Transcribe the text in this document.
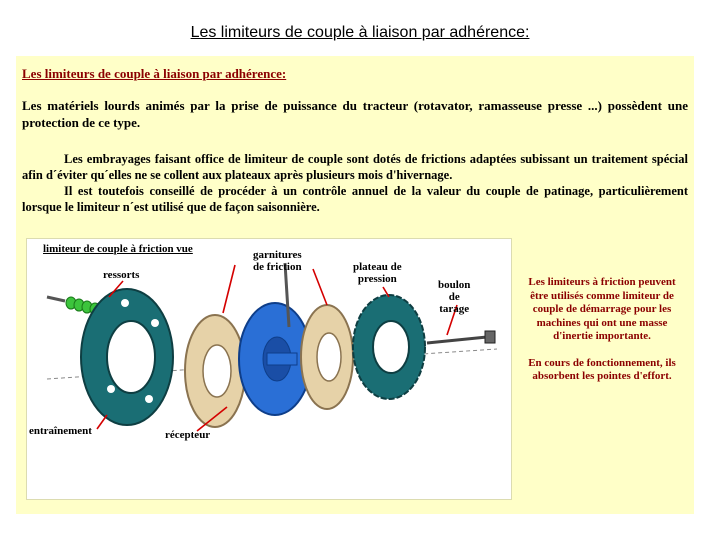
Les limiteurs de couple à liaison par adhérence:
Les limiteurs de couple à liaison par adhérence:
Les matériels lourds animés par la prise de puissance du tracteur (rotavator, ramasseuse presse ...) possèdent une protection de ce type.

Les embrayages faisant office de limiteur de couple sont dotés de frictions adaptées subissant un traitement spécial afin d´éviter qu´elles ne se collent aux plateaux après plusieurs mois d'hivernage.

Il est toutefois conseillé de procéder à un contrôle annuel de la valeur du couple de patinage, particulièrement lorsque le limiteur n´est utilisé que de façon saisonnière.

limiteur de couple à friction vue
ressorts
garnitures
de friction	plateau de
pression	boulon
de
tarage
entraînement	récepteur

Les limiteurs à friction peuvent être utilisés comme limiteur de couple de démarrage pour les machines qui ont une masse d'inertie importante.

En cours de fonctionnement, ils absorbent les pointes d'effort.
